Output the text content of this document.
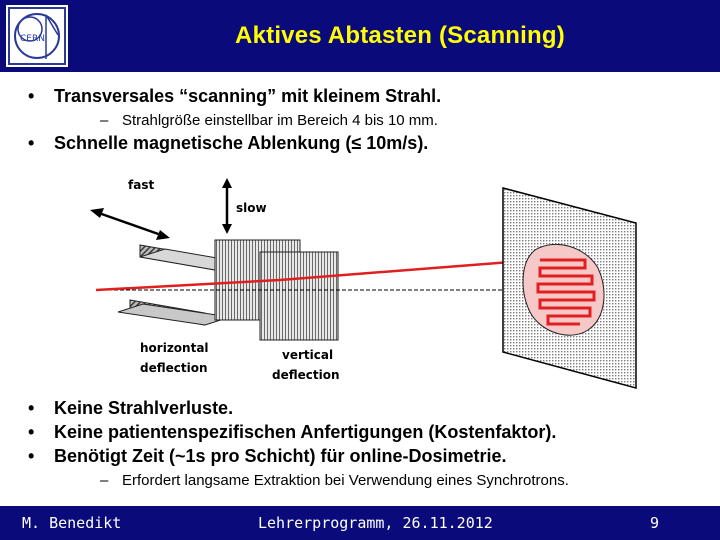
CERN	Aktives Abtasten (Scanning)
• Transversales “scanning” mit kleinem Strahl.
– Strahlgröße einstellbar im Bereich 4 bis 10 mm.
• Schnelle magnetische Ablenkung (≤ 10m/s).
fast
slow
horizontal deflection
vertical deflection
• Keine Strahlverluste.
• Keine patientenspezifischen Anfertigungen (Kostenfaktor).
• Benötigt Zeit (~1s pro Schicht) für online-Dosimetrie.
– Erfordert langsame Extraktion bei Verwendung eines Synchrotrons.
M. Benedikt	Lehrerprogramm, 26.11.2012	9
